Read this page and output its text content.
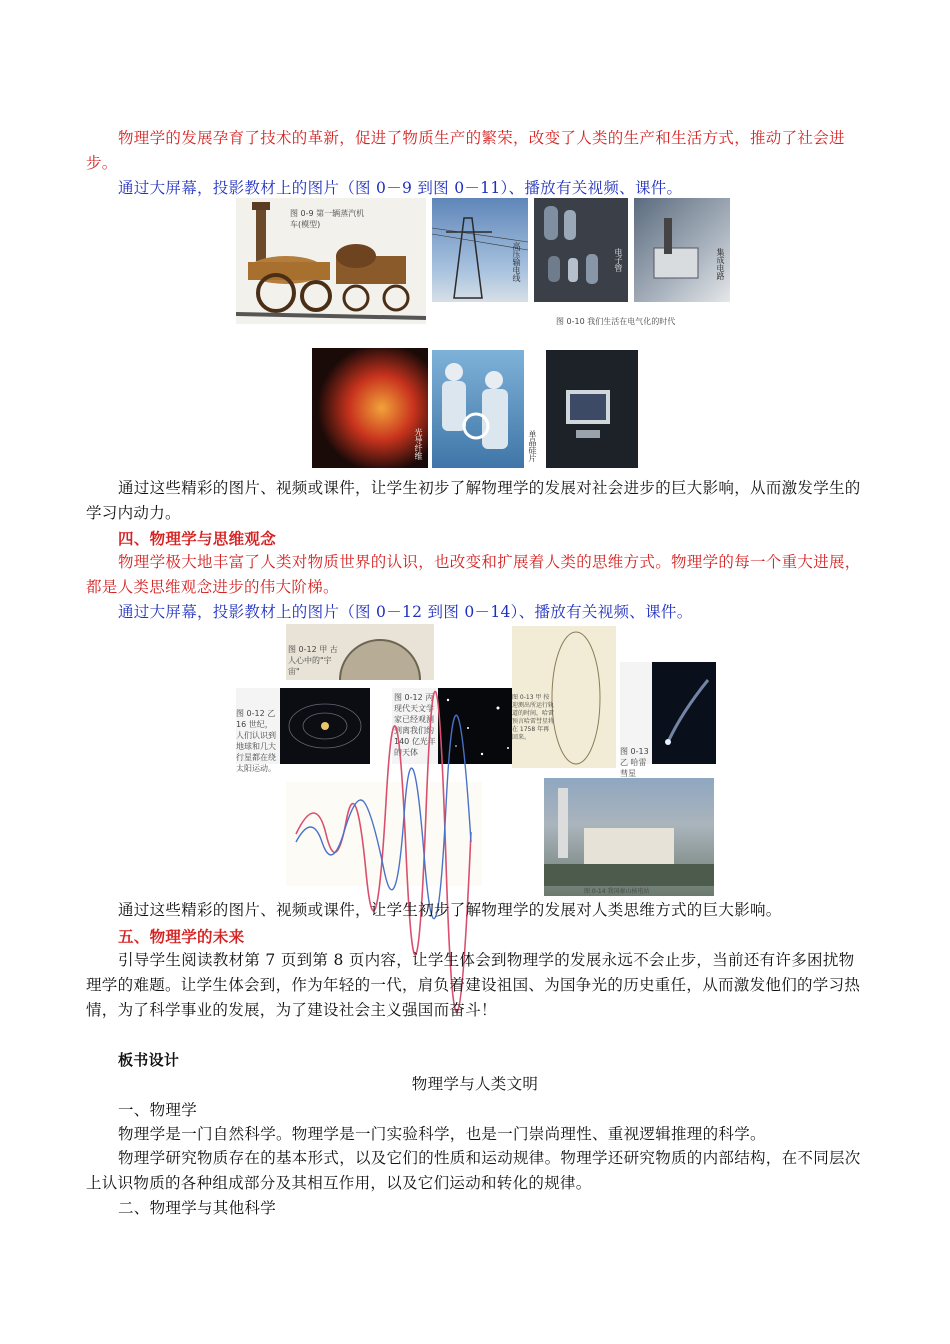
物理学的发展孕育了技术的革新，促进了物质生产的繁荣，改变了人类的生产和生活方式，推动了社会进步。
通过大屏幕，投影教材上的图片（图 0－9 到图 0－11）、播放有关视频、课件。
图 0-9 第一辆蒸汽机车(模型)
高压输电线	电子管	集成电路
图 0-10 我们生活在电气化的时代
光导纤维	单晶硅片
通过这些精彩的图片、视频或课件，让学生初步了解物理学的发展对社会进步的巨大影响，从而激发学生的学习内动力。
四、物理学与思维观念
物理学极大地丰富了人类对物质世界的认识，也改变和扩展着人类的思维方式。物理学的每一个重大进展，都是人类思维观念进步的伟大阶梯。
通过大屏幕，投影教材上的图片（图 0－12 到图 0－14）、播放有关视频、课件。
图 0-12 甲 古人心中的"宇宙"
图 0-12 乙 16 世纪，人们认识到地球和几大行星都在绕太阳运动。
图 0-12 丙 现代天文学家已经观测到离我们约 140 亿光年的天体
图 0-13 甲 按迎测出所运行轨道的时间，哈雷预言哈雷彗星将在 1758 年再回来。
图 0-13 乙 哈雷彗星
图 0-14 我国秦山核电站
通过这些精彩的图片、视频或课件，让学生初步了解物理学的发展对人类思维方式的巨大影响。
五、物理学的未来
引导学生阅读教材第 7 页到第 8 页内容，让学生体会到物理学的发展永远不会止步，当前还有许多困扰物理学的难题。让学生体会到，作为年轻的一代，肩负着建设祖国、为国争光的历史重任，从而激发他们的学习热情，为了科学事业的发展，为了建设社会主义强国而奋斗！
板书设计
物理学与人类文明
一、物理学
物理学是一门自然科学。物理学是一门实验科学，也是一门崇尚理性、重视逻辑推理的科学。
物理学研究物质存在的基本形式，以及它们的性质和运动规律。物理学还研究物质的内部结构，在不同层次上认识物质的各种组成部分及其相互作用，以及它们运动和转化的规律。
二、物理学与其他科学
